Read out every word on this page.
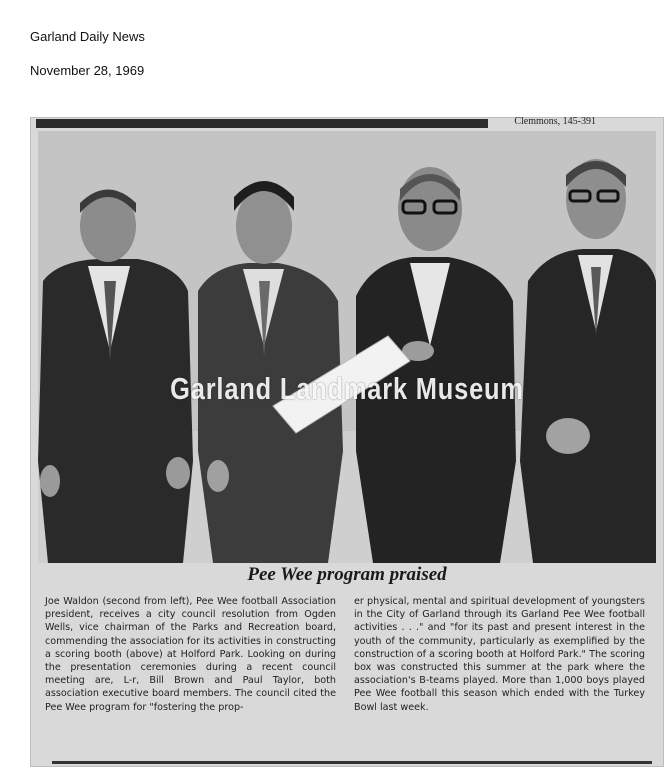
Garland Daily News
November 28, 1969
Clemmons, 145-391
Garland Landmark Museum
Pee Wee program praised
Joe Waldon (second from left), Pee Wee football Association president, receives a city council resolution from Ogden Wells, vice chairman of the Parks and Recreation board, commending the association for its activities in constructing a scoring booth (above) at Holford Park. Looking on during the presentation ceremonies during a recent council meeting are, L-r, Bill Brown and Paul Taylor, both association executive board members. The council cited the Pee Wee program for "fostering the prop-
er physical, mental and spiritual development of youngsters in the City of Garland through its Garland Pee Wee football activities . . ." and "for its past and present interest in the youth of the community, particularly as exemplified by the construction of a scoring booth at Holford Park." The scoring box was constructed this summer at the park where the association's B-teams played. More than 1,000 boys played Pee Wee football this season which ended with the Turkey Bowl last week.
